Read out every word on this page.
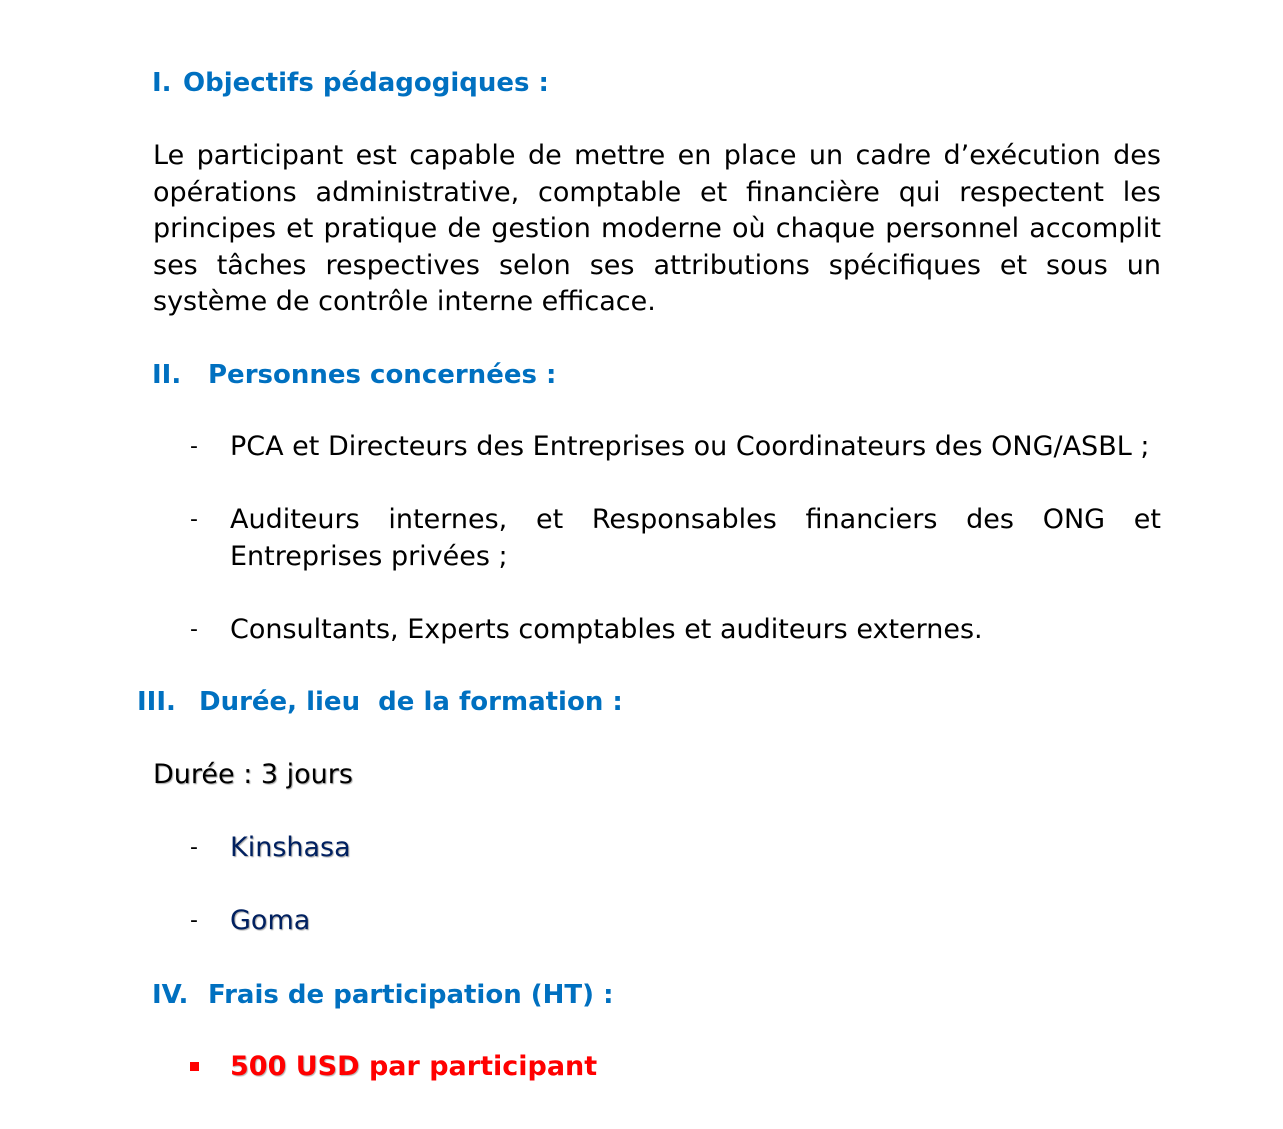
I. Objectifs pédagogiques :

Le participant est capable de mettre en place un cadre d’exécution des opérations administrative, comptable et financière qui respectent les principes et pratique de gestion moderne où chaque personnel accomplit ses tâches respectives selon ses attributions spécifiques et sous un système de contrôle interne efficace.

II. Personnes concernées :
-	PCA et Directeurs des Entreprises ou Coordinateurs des ONG/ASBL ;
-	Auditeurs internes, et Responsables financiers des ONG et Entreprises privées ;
-	Consultants, Experts comptables et auditeurs externes.
III. Durée, lieu  de la formation :

Durée : 3 jours

-	Kinshasa
-	Goma
IV. Frais de participation (HT) :
500 USD par participant
